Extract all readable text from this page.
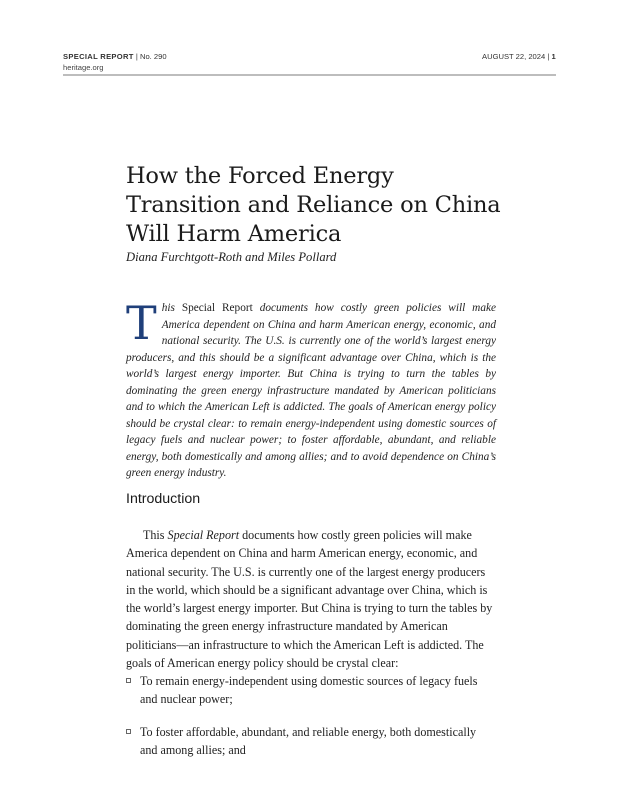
SPECIAL REPORT | No. 290	AUGUST 22, 2024 | 1
heritage.org
How the Forced Energy Transition and Reliance on China Will Harm America
Diana Furchtgott-Roth and Miles Pollard

T his Special Report documents how costly green policies will make America dependent on China and harm American energy, economic, and national security. The U.S. is currently one of the world’s largest energy producers, and this should be a significant advantage over China, which is the world’s largest energy importer. But China is trying to turn the tables by dominating the green energy infrastructure mandated by American politicians and to which the American Left is addicted. The goals of American energy policy should be crystal clear: to remain energy-independent using domestic sources of legacy fuels and nuclear power; to foster affordable, abundant, and reliable energy, both domestically and among allies; and to avoid dependence on China’s green energy industry.

Introduction

This Special Report documents how costly green policies will make America dependent on China and harm American energy, economic, and national security. The U.S. is currently one of the largest energy producers in the world, which should be a significant advantage over China, which is the world’s largest energy importer. But China is trying to turn the tables by dominating the green energy infrastructure mandated by American politicians—an infrastructure to which the American Left is addicted. The goals of American energy policy should be crystal clear:

To remain energy-independent using domestic sources of legacy fuels and nuclear power;
To foster affordable, abundant, and reliable energy, both domestically and among allies; and
